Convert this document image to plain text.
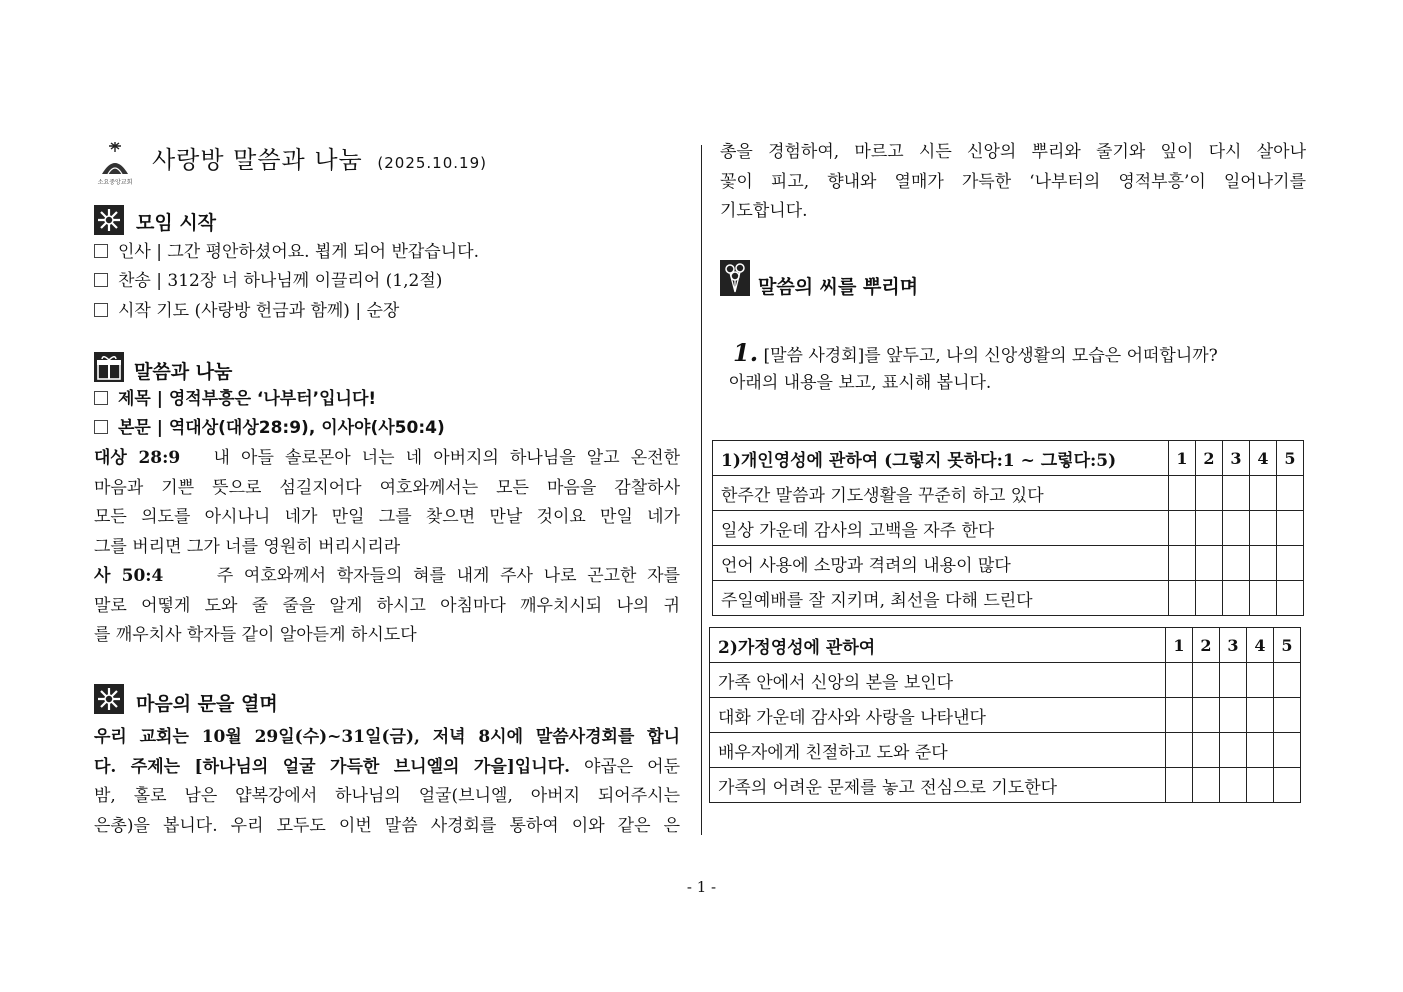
소요중앙교회
사랑방 말씀과 나눔 (2025.10.19)
모임 시작
인사 | 그간 평안하셨어요. 뵙게 되어 반갑습니다.
찬송 | 312장 너 하나님께 이끌리어 (1,2절)
시작 기도 (사랑방 헌금과 함께) | 순장
말씀과 나눔
제목 | 영적부흥은 ‘나부터’입니다!
본문 | 역대상(대상28:9), 이사야(사50:4)
대상 28:9 내 아들 솔로몬아 너는 네 아버지의 하나님을 알고 온전한
마음과 기쁜 뜻으로 섬길지어다 여호와께서는 모든 마음을 감찰하사
모든 의도를 아시나니 네가 만일 그를 찾으면 만날 것이요 만일 네가
그를 버리면 그가 너를 영원히 버리시리라
사 50:4	주 여호와께서 학자들의 혀를 내게 주사 나로 곤고한 자를
말로 어떻게 도와 줄 줄을 알게 하시고 아침마다 깨우치시되 나의 귀
를 깨우치사 학자들 같이 알아듣게 하시도다
마음의 문을 열며
우리 교회는 10월 29일(수)~31일(금), 저녁 8시에 말씀사경회를 합니
다. 주제는 [하나님의 얼굴 가득한 브니엘의 가을]입니다. 야곱은 어둔
밤, 홀로 남은 얍복강에서 하나님의 얼굴(브니엘, 아버지 되어주시는
은총)을 봅니다. 우리 모두도 이번 말씀 사경회를 통하여 이와 같은 은
총을 경험하여, 마르고 시든 신앙의 뿌리와 줄기와 잎이 다시 살아나
꽃이 피고, 향내와 열매가 가득한 ‘나부터의 영적부흥’이 일어나기를
기도합니다.
말씀의 씨를 뿌리며
1. [말씀 사경회]를 앞두고, 나의 신앙생활의 모습은 어떠합니까?
아래의 내용을 보고, 표시해 봅니다.
1)개인영성에 관하여 (그렇지 못하다:1 ~ 그렇다:5)	1	2	3	4	5
한주간 말씀과 기도생활을 꾸준히 하고 있다					
일상 가운데 감사의 고백을 자주 한다					
언어 사용에 소망과 격려의 내용이 많다					
주일예배를 잘 지키며, 최선을 다해 드린다					
2)가정영성에 관하여	1	2	3	4	5
가족 안에서 신앙의 본을 보인다					
대화 가운데 감사와 사랑을 나타낸다					
배우자에게 친절하고 도와 준다					
가족의 어려운 문제를 놓고 전심으로 기도한다					
- 1 -
